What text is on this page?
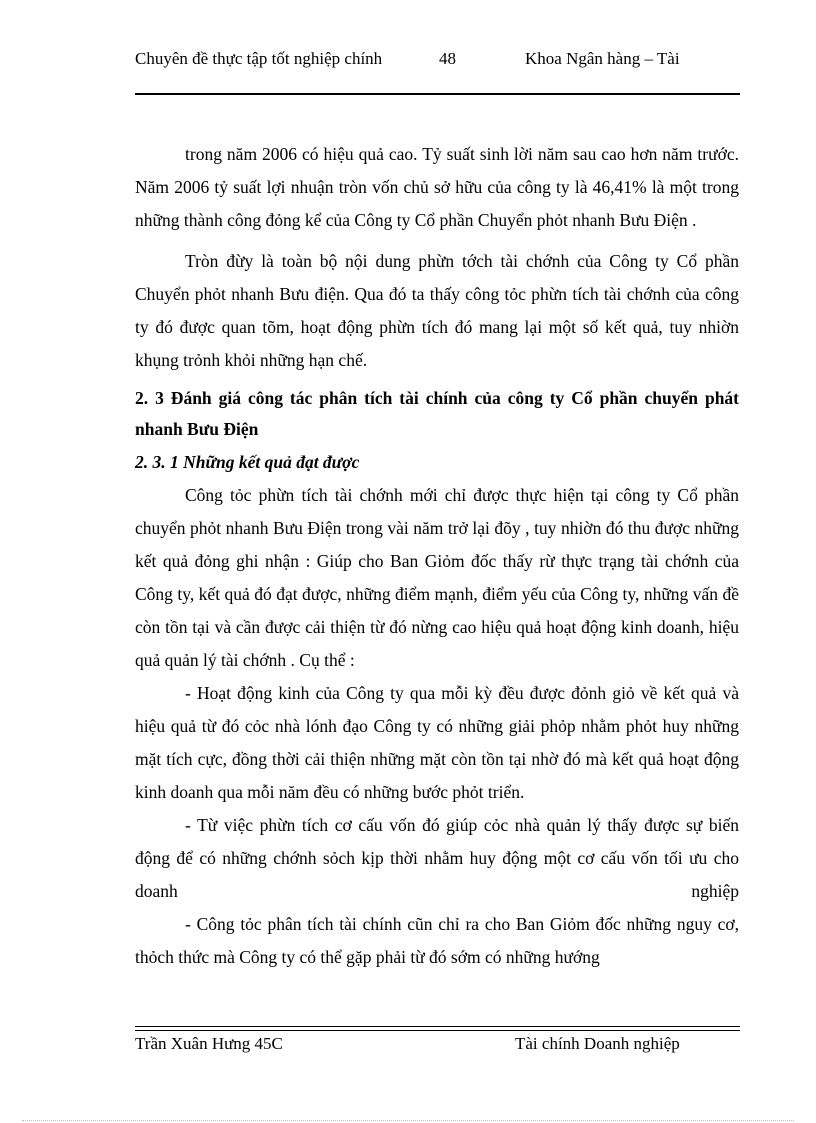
Chuyên đề thực tập tốt nghiệp chính	48	Khoa Ngân hàng – Tài

trong năm 2006 có hiệu quả cao. Tỷ suất sinh lời năm sau cao hơn năm trước. Năm 2006 tỷ suất lợi nhuận tròn vốn chủ sở hữu của công ty là 46,41% là một trong những thành công đỏng kể của Công ty Cổ phần Chuyển phỏt nhanh Bưu Điện .

Tròn đừy là toàn bộ nội dung phừn tớch tài chớnh của Công ty Cổ phần Chuyển phỏt nhanh Bưu điện. Qua đó ta thấy công tỏc phừn tích tài chớnh của công ty đó được quan tõm, hoạt động phừn tích đó mang lại một số kết quả, tuy nhiờn khụng trỏnh khỏi những hạn chế.

2. 3 Đánh giá công tác phân tích tài chính của công ty Cổ phần chuyển phát nhanh Bưu Điện

2. 3. 1 Những kết quả đạt được

Công tỏc phừn tích tài chớnh mới chỉ được thực hiện tại công ty Cổ phần chuyển phỏt nhanh Bưu Điện trong vài năm trở lại đõy , tuy nhiờn đó thu được những kết quả đỏng ghi nhận : Giúp cho Ban Giỏm đốc thấy rừ thực trạng tài chớnh của Công ty, kết quả đó đạt được, những điểm mạnh, điểm yếu của Công ty, những vấn đề còn tồn tại và cần được cải thiện từ đó nừng cao hiệu quả hoạt động kinh doanh, hiệu quả quản lý tài chớnh . Cụ thể :

- Hoạt động kinh của Công ty qua mỗi kỳ đều được đỏnh giỏ về kết quả và hiệu quả từ đó cỏc nhà lónh đạo Công ty có những giải phỏp nhằm phỏt huy những mặt tích cực, đồng thời cải thiện những mặt còn tồn tại nhờ đó mà kết quả hoạt động kinh doanh qua mỗi năm đều có những bước phỏt triển.

- Từ việc phừn tích cơ cấu vốn đó giúp cỏc nhà quản lý thấy được sự biến động để có những chớnh sỏch kịp thời nhằm huy động một cơ cấu vốn tối ưu cho doanh nghiệp

- Công tỏc phân tích tài chính cũn chỉ ra cho Ban Giỏm đốc những nguy cơ, thỏch thức mà Công ty có thể gặp phải từ đó sớm có những hướng

Trần Xuân Hưng 45C	Tài chính Doanh nghiệp
